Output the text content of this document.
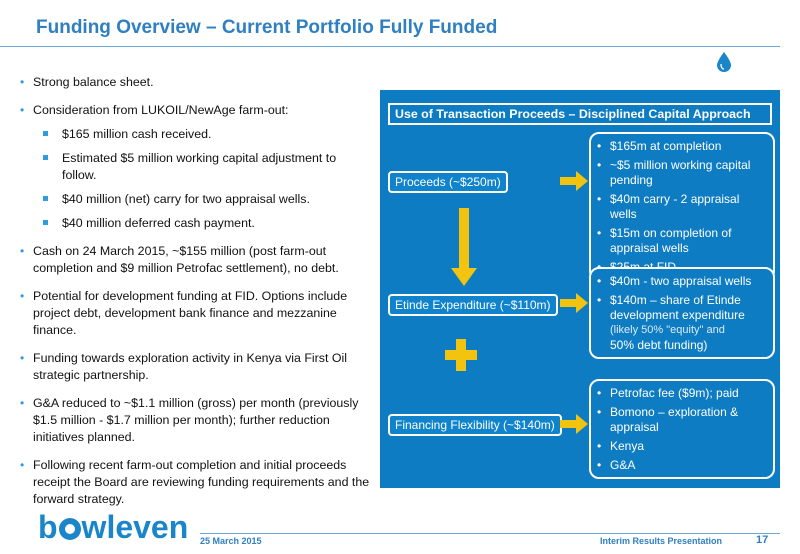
Funding Overview – Current Portfolio Fully Funded
• Strong balance sheet.
• Consideration from LUKOIL/NewAge farm-out:
$165 million cash received.
Estimated $5 million working capital adjustment to follow.
$40 million (net) carry for two appraisal wells.
$40 million deferred cash payment.
• Cash on 24 March 2015, ~$155 million (post farm-out completion and $9 million Petrofac settlement), no debt.
• Potential for development funding at FID. Options include project debt, development bank finance and mezzanine finance.
• Funding towards exploration activity in Kenya via First Oil strategic partnership.
• G&A reduced to ~$1.1 million (gross) per month (previously $1.5 million - $1.7 million per month); further reduction initiatives planned.
• Following recent farm-out completion and initial proceeds receipt the Board are reviewing funding requirements and the forward strategy.
Use of Transaction Proceeds – Disciplined Capital Approach
Proceeds (~$250m)
Etinde Expenditure (~$110m)
Financing Flexibility (~$140m)
• $165m at completion
• ~$5 million working capital pending
• $40m carry - 2 appraisal wells
• $15m on completion of appraisal wells
•
• $40m - two appraisal wells
• $140m – share of Etinde development expenditure
(likely 50% "equity" and
50% debt funding)
• Petrofac fee ($9m); paid
• Bomono – exploration & appraisal
• Kenya
• G&A
b wleven 25 March 2015	Interim Results Presentation	17
